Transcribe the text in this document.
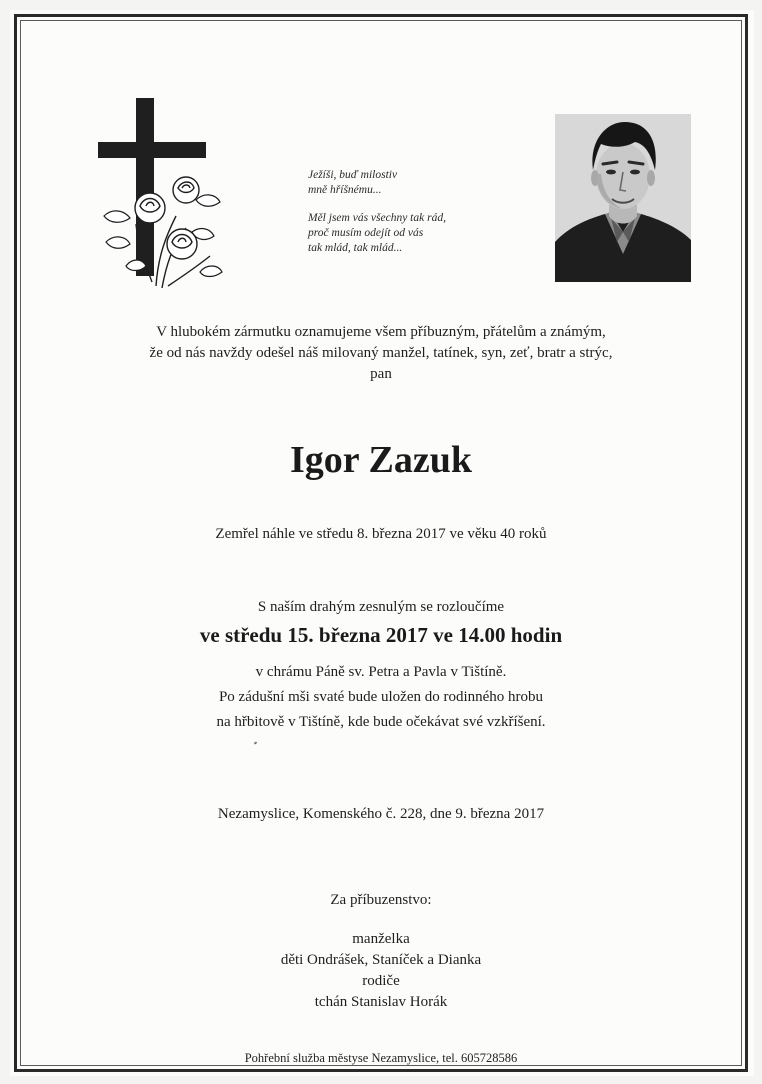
Ježíši, buď milostiv
mně hříšnému...
Měl jsem vás všechny tak rád,
proč musím odejít od vás
tak mlád, tak mlád...
V hlubokém zármutku oznamujeme všem příbuzným, přátelům a známým,
že od nás navždy odešel náš milovaný manžel, tatínek, syn, zeť, bratr a strýc,
pan
Igor Zazuk
Zemřel náhle ve středu 8. března 2017 ve věku 40 roků
S naším drahým zesnulým se rozloučíme
ve středu 15. března 2017 ve 14.00 hodin
v chrámu Páně sv. Petra a Pavla v Tištíně.
Po zádušní mši svaté bude uložen do rodinného hrobu
na hřbitově v Tištíně, kde bude očekávat své vzkříšení.
Nezamyslice, Komenského č. 228, dne 9. března 2017
Za příbuzenstvo:
manželka
děti Ondrášek, Staníček a Dianka
rodiče
tchán Stanislav Horák
Pohřební služba městyse Nezamyslice, tel. 605728586
